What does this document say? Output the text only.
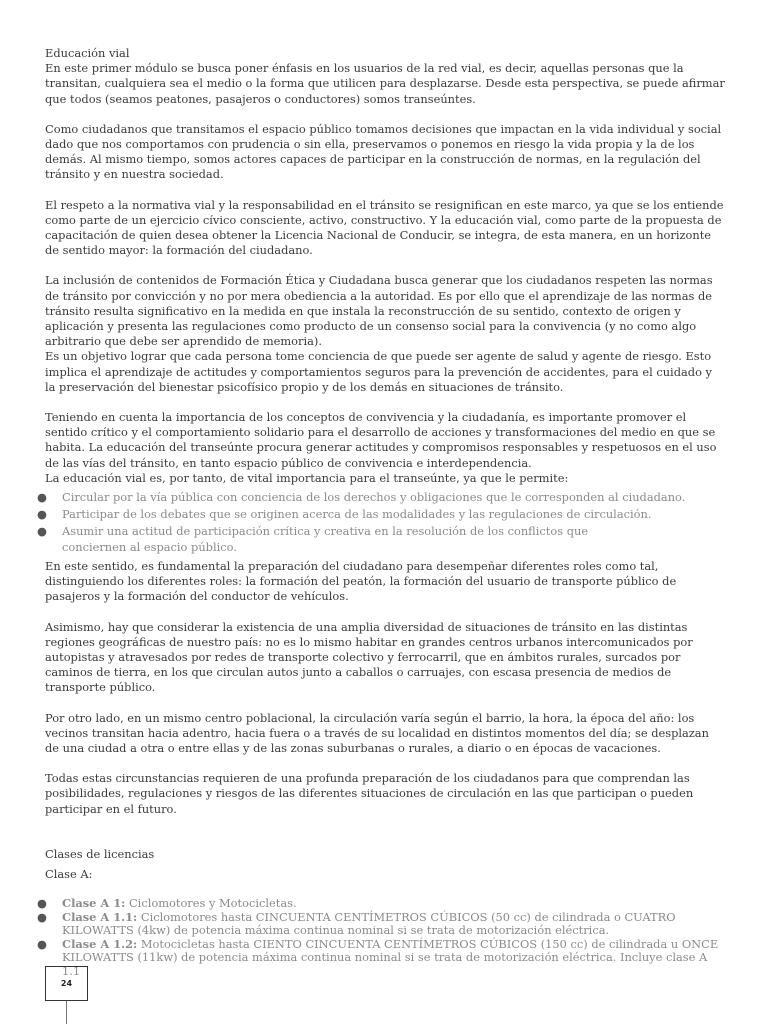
Educación vial

En este primer módulo se busca poner énfasis en los usuarios de la red vial, es decir, aquellas personas que la transitan, cualquiera sea el medio o la forma que utilicen para desplazarse. Desde esta perspectiva, se puede afirmar que todos (seamos peatones, pasajeros o conductores) somos transeúntes.

Como ciudadanos que transitamos el espacio público tomamos decisiones que impactan en la vida individual y social dado que nos comportamos con prudencia o sin ella, preservamos o ponemos en riesgo la vida propia y la de los demás. Al mismo tiempo, somos actores capaces de participar en la construcción de normas, en la regulación del tránsito y en nuestra sociedad.

El respeto a la normativa vial y la responsabilidad en el tránsito se resignifican en este marco, ya que se los entiende como parte de un ejercicio cívico consciente, activo, constructivo. Y la educación vial, como parte de la propuesta de capacitación de quien desea obtener la Licencia Nacional de Conducir, se integra, de esta manera, en un horizonte de sentido mayor: la formación del ciudadano.

La inclusión de contenidos de Formación Ética y Ciudadana busca generar que los ciudadanos respeten las normas de tránsito por convicción y no por mera obediencia a la autoridad. Es por ello que el aprendizaje de las normas de tránsito resulta significativo en la medida en que instala la reconstrucción de su sentido, contexto de origen y aplicación y presenta las regulaciones como producto de un consenso social para la convivencia (y no como algo arbitrario que debe ser aprendido de memoria).

Es un objetivo lograr que cada persona tome conciencia de que puede ser agente de salud y agente de riesgo. Esto implica el aprendizaje de actitudes y comportamientos seguros para la prevención de accidentes, para el cuidado y la preservación del bienestar psicofísico propio y de los demás en situaciones de tránsito.

Teniendo en cuenta la importancia de los conceptos de convivencia y la ciudadanía, es importante promover el sentido crítico y el comportamiento solidario para el desarrollo de acciones y transformaciones del medio en que se habita. La educación del transeúnte procura generar actitudes y compromisos responsables y respetuosos en el uso de las vías del tránsito, en tanto espacio público de convivencia e interdependencia.

La educación vial es, por tanto, de vital importancia para el transeúnte, ya que le permite:

● Circular por la vía pública con conciencia de los derechos y obligaciones que le corresponden al ciudadano.
● Participar de los debates que se originen acerca de las modalidades y las regulaciones de circulación.
● Asumir una actitud de participación crítica y creativa en la resolución de los conflictos que conciernen al espacio público.

En este sentido, es fundamental la preparación del ciudadano para desempeñar diferentes roles como tal, distinguiendo los diferentes roles: la formación del peatón, la formación del usuario de transporte público de pasajeros y la formación del conductor de vehículos.

Asimismo, hay que considerar la existencia de una amplia diversidad de situaciones de tránsito en las distintas regiones geográficas de nuestro país: no es lo mismo habitar en grandes centros urbanos intercomunicados por autopistas y atravesados por redes de transporte colectivo y ferrocarril, que en ámbitos rurales, surcados por caminos de tierra, en los que circulan autos junto a caballos o carruajes, con escasa presencia de medios de transporte público.

Por otro lado, en un mismo centro poblacional, la circulación varía según el barrio, la hora, la época del año: los vecinos transitan hacia adentro, hacia fuera o a través de su localidad en distintos momentos del día; se desplazan de una ciudad a otra o entre ellas y de las zonas suburbanas o rurales, a diario o en épocas de vacaciones.

Todas estas circunstancias requieren de una profunda preparación de los ciudadanos para que comprendan las posibilidades, regulaciones y riesgos de las diferentes situaciones de circulación en las que participan o pueden participar en el futuro.

Clases de licencias

Clase A:

● Clase A 1: Ciclomotores y Motocicletas.
● Clase A 1.1: Ciclomotores hasta CINCUENTA CENTÍMETROS CÚBICOS (50 cc) de cilindrada o CUATRO KILOWATTS (4kw) de potencia máxima continua nominal si se trata de motorización eléctrica.
● Clase A 1.2: Motocicletas hasta CIENTO CINCUENTA CENTÍMETROS CÚBICOS (150 cc) de cilindrada u ONCE KILOWATTS (11kw) de potencia máxima continua nominal si se trata de motorización eléctrica. Incluye clase A 1.1
24
